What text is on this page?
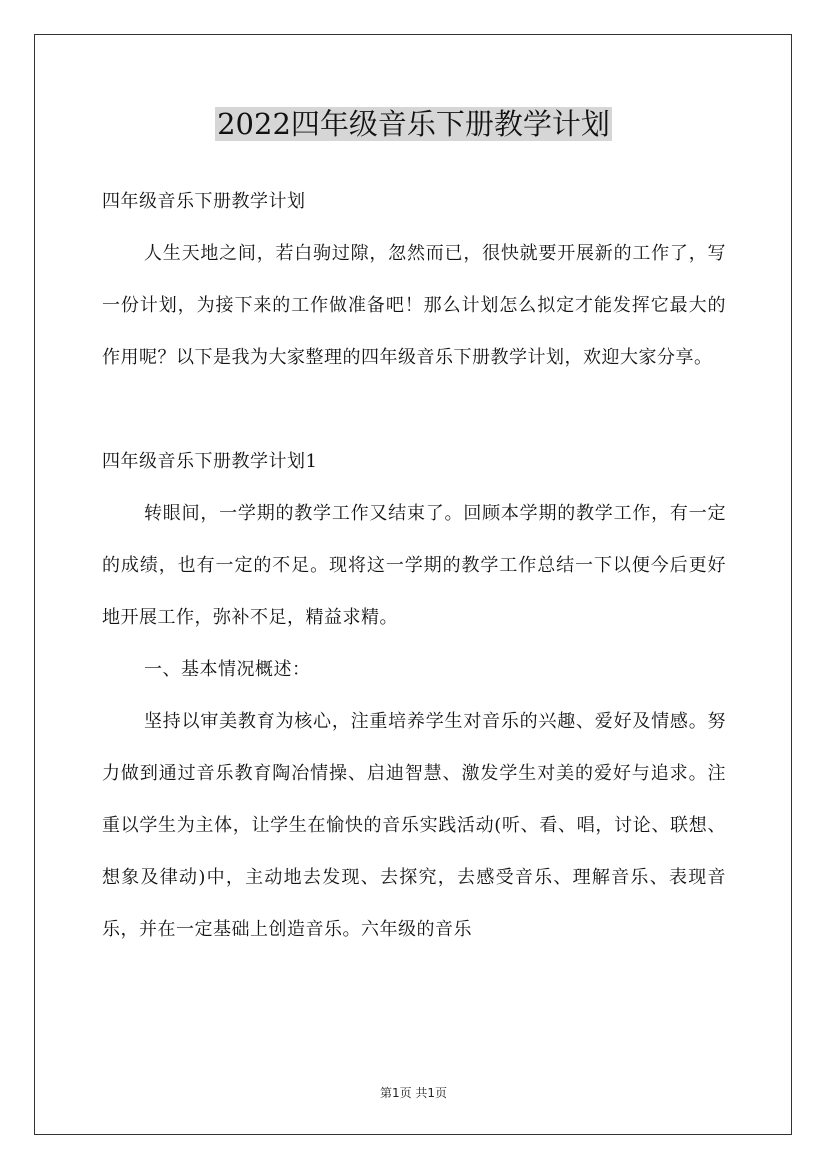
2022四年级音乐下册教学计划

四年级音乐下册教学计划

人生天地之间，若白驹过隙，忽然而已，很快就要开展新的工作了，写一份计划，为接下来的工作做准备吧！那么计划怎么拟定才能发挥它最大的作用呢？以下是我为大家整理的四年级音乐下册教学计划，欢迎大家分享。

四年级音乐下册教学计划1

转眼间，一学期的教学工作又结束了。回顾本学期的教学工作，有一定的成绩，也有一定的不足。现将这一学期的教学工作总结一下以便今后更好地开展工作，弥补不足，精益求精。

一、基本情况概述：

坚持以审美教育为核心，注重培养学生对音乐的兴趣、爱好及情感。努力做到通过音乐教育陶冶情操、启迪智慧、激发学生对美的爱好与追求。注重以学生为主体，让学生在愉快的音乐实践活动(听、看、唱，讨论、联想、想象及律动)中，主动地去发现、去探究，去感受音乐、理解音乐、表现音乐，并在一定基础上创造音乐。六年级的音乐

第1页 共1页
